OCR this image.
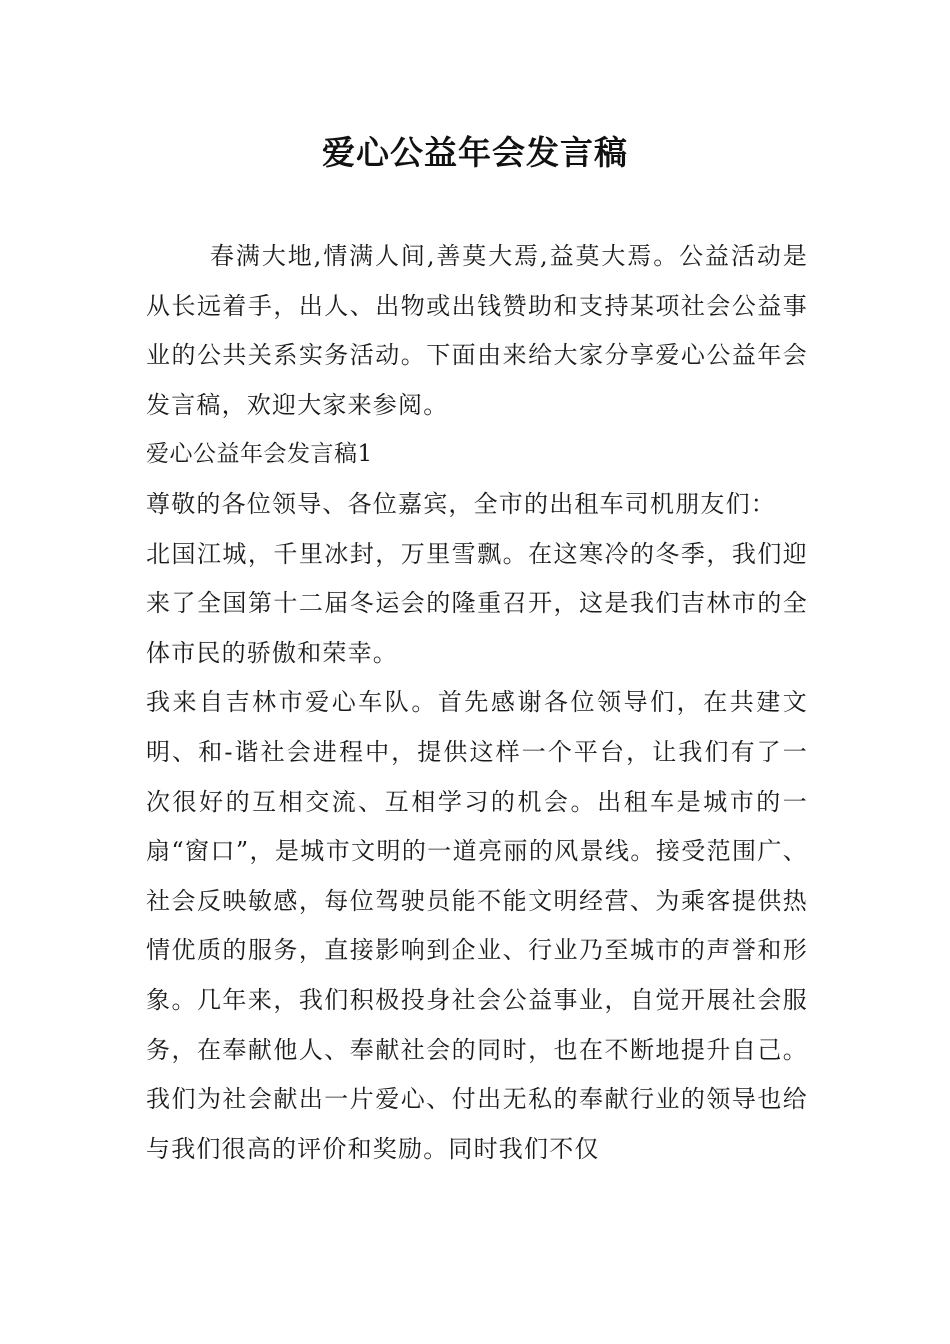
爱心公益年会发言稿

春满大地,情满人间,善莫大焉,益莫大焉。公益活动是从长远着手，出人、出物或出钱赞助和支持某项社会公益事业的公共关系实务活动。下面由来给大家分享爱心公益年会发言稿，欢迎大家来参阅。

爱心公益年会发言稿1

尊敬的各位领导、各位嘉宾，全市的出租车司机朋友们：

北国江城，千里冰封，万里雪飘。在这寒冷的冬季，我们迎来了全国第十二届冬运会的隆重召开，这是我们吉林市的全体市民的骄傲和荣幸。

我来自吉林市爱心车队。首先感谢各位领导们，在共建文明、和-谐社会进程中，提供这样一个平台，让我们有了一次很好的互相交流、互相学习的机会。出租车是城市的一扇“窗口”，是城市文明的一道亮丽的风景线。接受范围广、社会反映敏感，每位驾驶员能不能文明经营、为乘客提供热情优质的服务，直接影响到企业、行业乃至城市的声誉和形象。几年来，我们积极投身社会公益事业，自觉开展社会服务，在奉献他人、奉献社会的同时，也在不断地提升自己。我们为社会献出一片爱心、付出无私的奉献行业的领导也给与我们很高的评价和奖励。同时我们不仅
